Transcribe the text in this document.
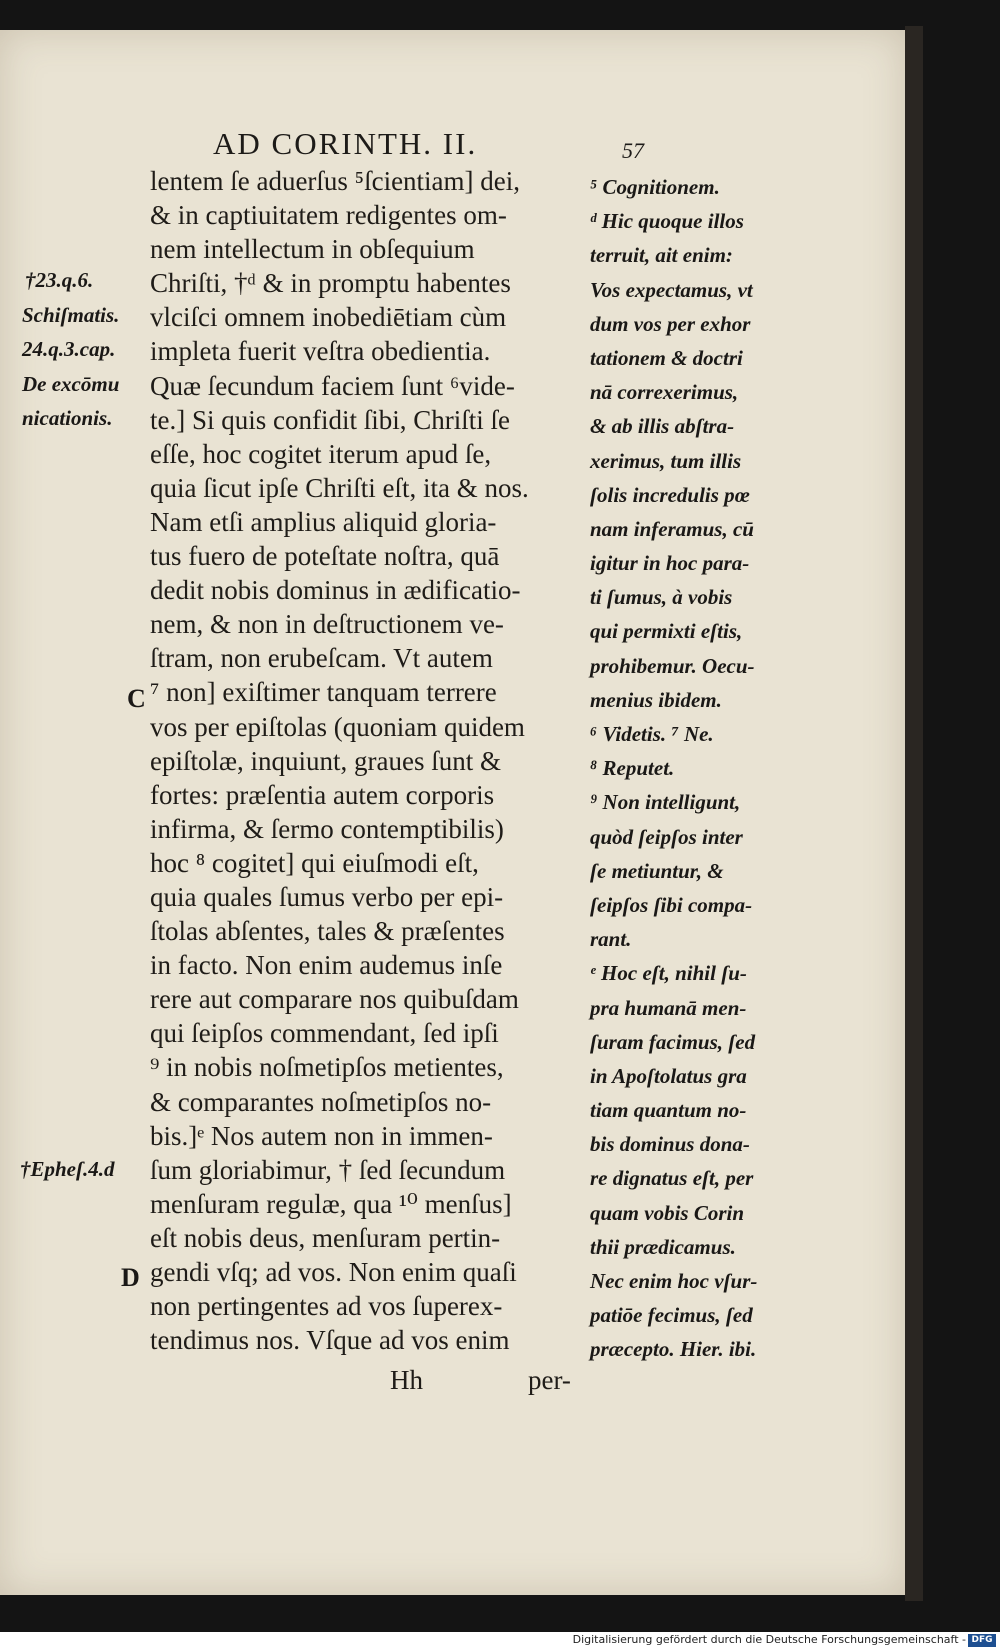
AD CORINTH. II.	57
lentem ſe aduerſus ⁵ſcientiam] dei,
& in captiuitatem redigentes om-
nem intellectum in obſequium
Chriſti, †ᵈ & in promptu habentes
vlciſci omnem inobediētiam cùm
impleta fuerit veſtra obedientia.
Quæ ſecundum faciem ſunt ⁶vide-
te.] Si quis confidit ſibi, Chriſti ſe
eſſe, hoc cogitet iterum apud ſe,
quia ſicut ipſe Chriſti eſt, ita & nos.
Nam etſi amplius aliquid gloria-
tus fuero de poteſtate noſtra, quā
dedit nobis dominus in ædificatio-
nem, & non in deſtructionem ve-
ſtram, non erubeſcam. Vt autem
⁷ non] exiſtimer tanquam terrere
vos per epiſtolas (quoniam quidem
epiſtolæ, inquiunt, graues ſunt &
fortes: præſentia autem corporis
infirma, & ſermo contemptibilis)
hoc ⁸ cogitet] qui eiuſmodi eſt,
quia quales ſumus verbo per epi-
ſtolas abſentes, tales & præſentes
in facto. Non enim audemus inſe
rere aut comparare nos quibuſdam
qui ſeipſos commendant, ſed ipſi
⁹ in nobis noſmetipſos metientes,
& comparantes noſmetipſos no-
bis.]ᵉ Nos autem non in immen-
ſum gloriabimur, † ſed ſecundum
menſuram regulæ, qua ¹⁰ menſus]
eſt nobis deus, menſuram pertin-
gendi vſq; ad vos. Non enim quaſi
non pertingentes ad vos ſuperex-
tendimus nos. Vſque ad vos enim
⁵ Cognitionem.
ᵈ Hic quoque illos
terruit, ait enim:
Vos expectamus, vt
dum vos per exhor
tationem & doctri
nā correxerimus,
& ab illis abſtra-
xerimus, tum illis
ſolis incredulis pœ
nam inferamus, cū
igitur in hoc para-
ti ſumus, à vobis
qui permixti eſtis,
prohibemur. Oecu-
menius ibidem.
⁶ Videtis. ⁷ Ne.
⁸ Reputet.
⁹ Non intelligunt,
quòd ſeipſos inter
ſe metiuntur, &
ſeipſos ſibi compa-
rant.
ᵉ Hoc eſt, nihil ſu-
pra humanā men-
ſuram facimus, ſed
in Apoſtolatus gra
tiam quantum no-
bis dominus dona-
re dignatus eſt, per
quam vobis Corin
thii prædicamus.
Nec enim hoc vſur-
patiōe fecimus, ſed
præcepto. Hier. ibi.
†23.q.6.
Schiſmatis.
24.q.3.cap.
De excōmu
nicationis.
†Epheſ.4.d
C
D
Hh	per-
Digitalisierung gefördert durch die Deutsche Forschungsgemeinschaft - DFG
